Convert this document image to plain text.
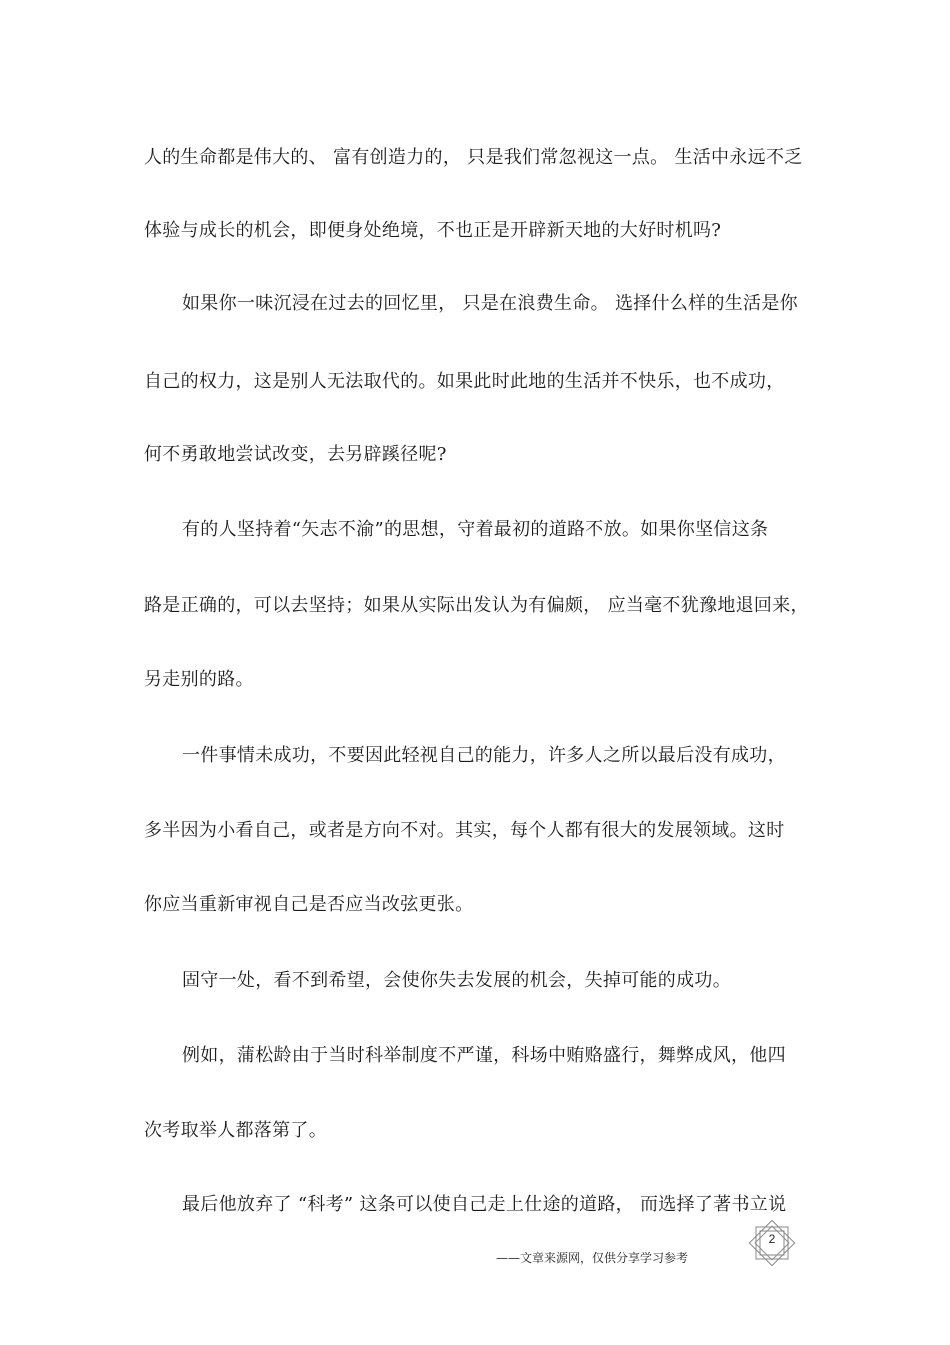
人的生命都是伟大的、 富有创造力的， 只是我们常忽视这一点。 生活中永远不乏
体验与成长的机会，即便身处绝境，不也正是开辟新天地的大好时机吗?
如果你一味沉浸在过去的回忆里， 只是在浪费生命。 选择什么样的生活是你
自己的权力，这是别人无法取代的。如果此时此地的生活并不快乐，也不成功，
何不勇敢地尝试改变，去另辟蹊径呢?
有的人坚持着“矢志不渝”的思想，守着最初的道路不放。如果你坚信这条
路是正确的，可以去坚持；如果从实际出发认为有偏颇， 应当毫不犹豫地退回来，
另走别的路。
一件事情未成功，不要因此轻视自己的能力，许多人之所以最后没有成功，
多半因为小看自己，或者是方向不对。其实，每个人都有很大的发展领域。这时
你应当重新审视自己是否应当改弦更张。
固守一处，看不到希望，会使你失去发展的机会，失掉可能的成功。
例如，蒲松龄由于当时科举制度不严谨，科场中贿赂盛行，舞弊成风，他四
次考取举人都落第了。
最后他放弃了 “科考” 这条可以使自己走上仕途的道路， 而选择了著书立说
2
——文章来源网，仅供分享学习参考
